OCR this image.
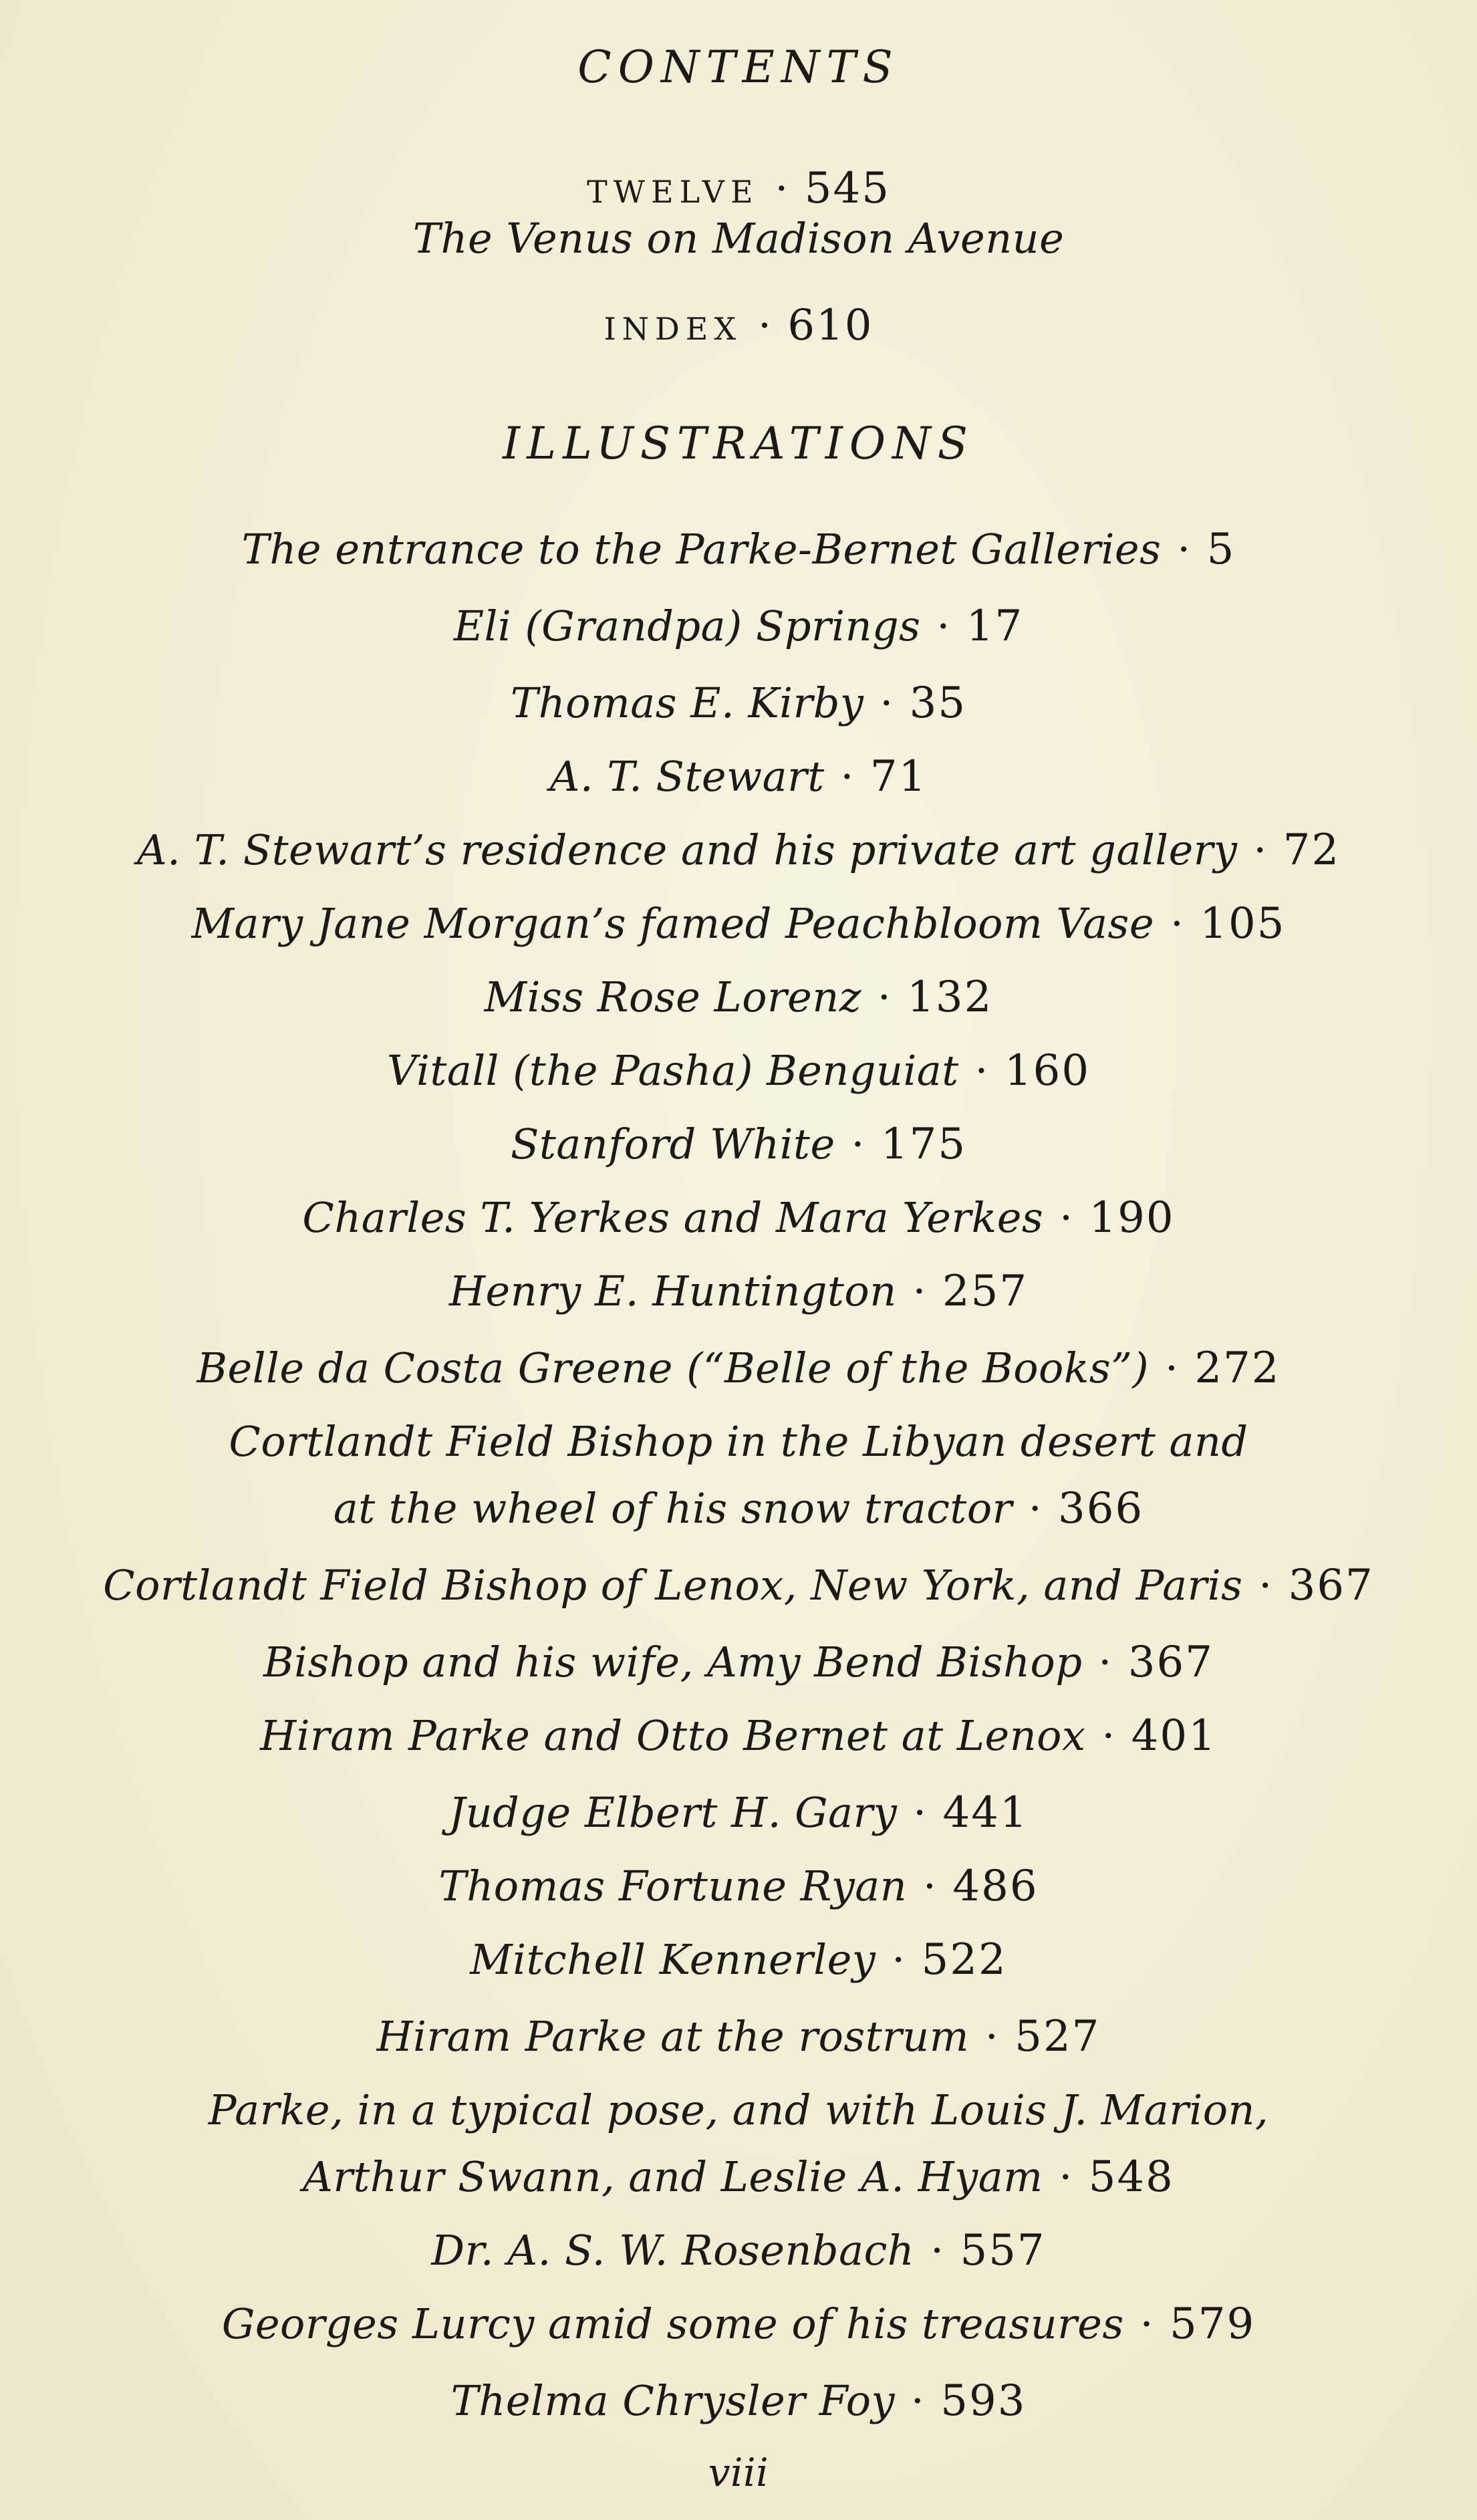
CONTENTS
TWELVE · 545
The Venus on Madison Avenue
INDEX · 610
ILLUSTRATIONS
The entrance to the Parke-Bernet Galleries · 5
Eli (Grandpa) Springs · 17
Thomas E. Kirby · 35
A. T. Stewart · 71
A. T. Stewart’s residence and his private art gallery · 72
Mary Jane Morgan’s famed Peachbloom Vase · 105
Miss Rose Lorenz · 132
Vitall (the Pasha) Benguiat · 160
Stanford White · 175
Charles T. Yerkes and Mara Yerkes · 190
Henry E. Huntington · 257
Belle da Costa Greene (“Belle of the Books”) · 272
Cortlandt Field Bishop in the Libyan desert and
at the wheel of his snow tractor · 366
Cortlandt Field Bishop of Lenox, New York, and Paris · 367
Bishop and his wife, Amy Bend Bishop · 367
Hiram Parke and Otto Bernet at Lenox · 401
Judge Elbert H. Gary · 441
Thomas Fortune Ryan · 486
Mitchell Kennerley · 522
Hiram Parke at the rostrum · 527
Parke, in a typical pose, and with Louis J. Marion,
Arthur Swann, and Leslie A. Hyam · 548
Dr. A. S. W. Rosenbach · 557
Georges Lurcy amid some of his treasures · 579
Thelma Chrysler Foy · 593
viii
